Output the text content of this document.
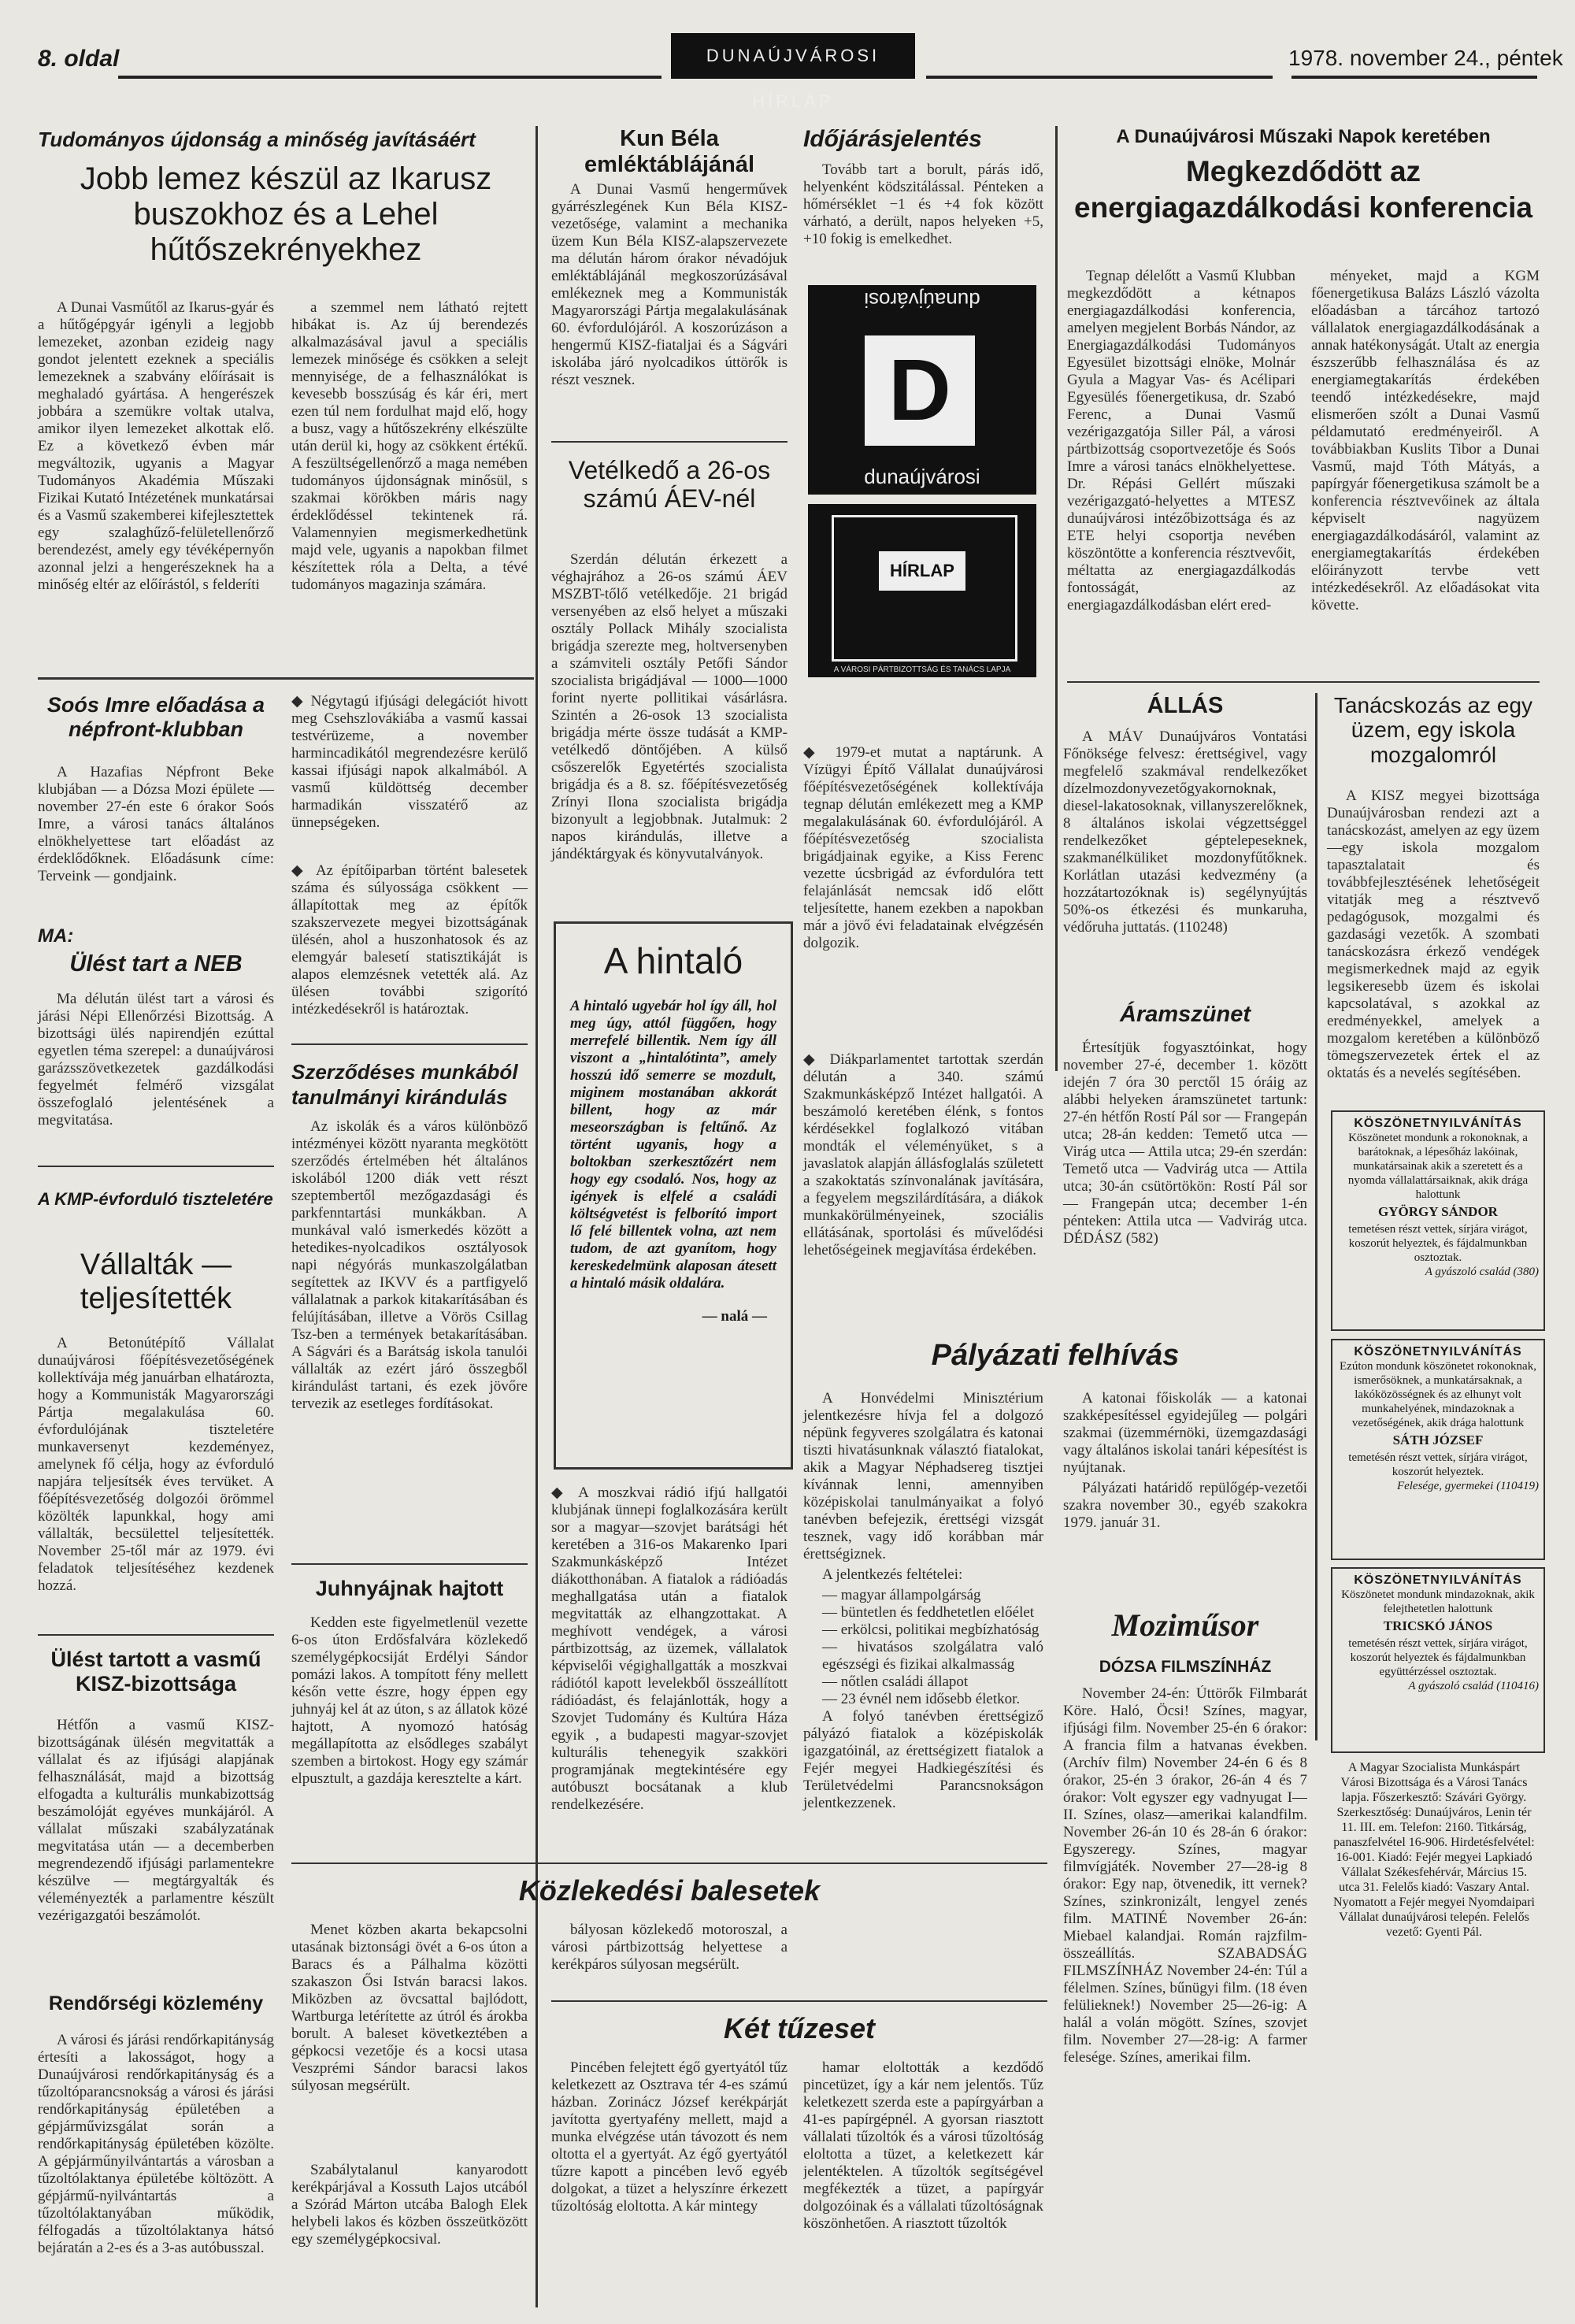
8. oldal	DUNAÚJVÁROSI HÍRLAP
1978. november 24., péntek
Tudományos újdonság a minőség javításáért
Jobb lemez készül az Ikarusz buszokhoz és a Lehel hűtőszekrényekhez

A Dunai Vasműtől az Ikarus-gyár és a hűtőgépgyár igényli a legjobb lemezeket, azonban ezideig nagy gondot jelentett ezeknek a speciális lemezeknek a szabvány előírásait is meghaladó gyártása. A hengerészek jobbára a szemükre voltak utalva, amikor ilyen lemezeket alkottak elő. Ez a következő évben már megváltozik, ugyanis a Magyar Tudományos Akadémia Műszaki Fizikai Kutató Intézetének munkatársai és a Vasmű szakemberei kifejlesztettek egy szalaghűző-felületellenőrző berendezést, amely egy tévéképernyőn azonnal jelzi a hengerészeknek ha a minőség eltér az előírástól, s felderíti

a szemmel nem látható rejtett hibákat is. Az új berendezés alkalmazásával javul a speciális lemezek minősége és csökken a selejt mennyisége, de a felhasználókat is kevesebb bosszúság és kár éri, mert ezen túl nem fordulhat majd elő, hogy a busz, vagy a hűtőszekrény elkészülte után derül ki, hogy az csökkent értékű. A feszültségellenőrző a maga nemében tudományos újdonságnak minősül, s szakmai körökben máris nagy érdeklődéssel tekintenek rá. Valamennyien megismerkedhetünk majd vele, ugyanis a napokban filmet készítettek róla a Delta, a tévé tudományos magazinja számára.

Soós Imre előadása a népfront-klubban

A Hazafias Népfront Beke klubjában — a Dózsa Mozi épülete — november 27-én este 6 órakor Soós Imre, a városi tanács általános elnökhelyettese tart előadást az érdeklődőknek. Előadásunk címe: Terveink — gondjaink.

MA:
Ülést tart a NEB

Ma délután ülést tart a városi és járási Népi Ellenőrzési Bizottság. A bizottsági ülés napirendjén ezúttal egyetlen téma szerepel: a dunaújvárosi garázsszövetkezetek gazdálkodási fegyelmét felmérő vizsgálat összefoglaló jelentésének a megvitatása.

A KMP-évforduló tiszteletére
Vállalták — teljesítették

A Betonútépítő Vállalat dunaújvárosi főépítésvezetőségének kollektívája még januárban elhatározta, hogy a Kommunisták Magyarországi Pártja megalakulása 60. évfordulójának tiszteletére munkaversenyt kezdeményez, amelynek fő célja, hogy az évforduló napjára teljesítsék éves tervüket. A főépítésvezetőség dolgozói örömmel közölték lapunkkal, hogy ami vállalták, becsülettel teljesítették. November 25-től már az 1979. évi feladatok teljesítéséhez kezdenek hozzá.

Ülést tartott a vasmű KISZ-bizottsága

Hétfőn a vasmű KISZ-bizottságának ülésén megvitatták a vállalat és az ifjúsági alapjának felhasználását, majd a bizottság elfogadta a kulturális munkabizottság beszámolóját egyéves munkájáról. A vállalat műszaki szabályzatának megvitatása után — a decemberben megrendezendő ifjúsági parlamentekre készülve — megtárgyalták és véleményezték a parlamentre készült vezérigazgatói beszámolót.

Rendőrségi közlemény

A városi és járási rendőrkapitányság értesíti a lakosságot, hogy a Dunaújvárosi rendőrkapitányság és a tűzoltóparancsnokság a városi és járási rendőrkapitányság épületében a gépjárművizsgálat során a rendőrkapitányság épületében közölte. A gépjárműnyilvántartás a városban a tűzoltólaktanya épületébe költözött. A gépjármű-nyilvántartás a tűzoltólaktanyában működik, félfogadás a tűzoltólaktanya hátsó bejáratán a 2-es és a 3-as autóbusszal.

◆ Négytagú ifjúsági delegációt hivott meg Csehszlovákiába a vasmű kassai testvérüzeme, a november harmincadikától megrendezésre kerülő kassai ifjúsági napok alkalmából. A vasmű küldöttség december harmadikán visszatérő az ünnepségeken.

◆ Az építőiparban történt balesetek száma és súlyossága csökkent — állapítottak meg az építők szakszervezete megyei bizottságának ülésén, ahol a huszonhatosok és az elemgyár balesetí statisztikáját is alapos elemzésnek vetették alá. Az ülésen további szigorító intézkedésekről is határoztak.

Szerződéses munkából tanulmányi kirándulás

Az iskolák és a város különböző intézményei között nyaranta megkötött szerződés értelmében hét általános iskolából 1200 diák vett részt szeptembertől mezőgazdasági és parkfenntartási munkákban. A munkával való ismerkedés között a hetedikes-nyolcadikos osztályosok napi négyórás munkaszolgálatban segítettek az IKVV és a partfigyelő vállalatnak a parkok kitakarításában és felújításában, illetve a Vörös Csillag Tsz-ben a termények betakarításában. A Ságvári és a Barátság iskola tanulói vállalták az ezért járó összegből kirándulást tartani, és ezek jövőre tervezik az esetleges fordításokat.

Juhnyájnak hajtott

Kedden este figyelmetlenül vezette 6-os úton Erdősfalvára közlekedő személygépkocsiját Erdélyi Sándor pomázi lakos. A tompított fény mellett későn vette észre, hogy éppen egy juhnyáj kel át az úton, s az állatok közé hajtott, A nyomozó hatóság megállapította az elsődleges szabályt szemben a birtokost. Hogy egy számár elpusztult, a gazdája keresztelte a kárt.

Kun Béla emléktáblájánál

A Dunai Vasmű hengerművek gyárrészlegének Kun Béla KISZ-vezetősége, valamint a mechanika üzem Kun Béla KISZ-alapszervezete ma délután három órakor névadójuk emléktáblájánál megkoszorúzásával emlékeznek meg a Kommunisták Magyarországi Pártja megalakulásának 60. évfordulójáról. A koszorúzáson a hengermű KISZ-fiataljai és a Ságvári iskolába járó nyolcadikos úttörők is részt vesznek.

Vetélkedő a 26-os számú ÁEV-nél

Szerdán délután érkezett a véghajrához a 26-os számú ÁEV MSZBT-tőlő vetélkedője. 21 brigád versenyében az első helyet a műszaki osztály Pollack Mihály szocialista brigádja szerezte meg, holtversenyben a számviteli osztály Petőfi Sándor szocialista brigádjával — 1000—1000 forint nyerte pollitikai vásárlásra. Szintén a 26-osok 13 szocialista brigádja mérte össze tudását a KMP-vetélkedő döntőjében. A külső csőszerelők Egyetértés szocialista brigádja és a 8. sz. főépítésvezetőség Zrínyi Ilona szocialista brigádja bizonyult a legjobbnak. Jutalmuk: 2 napos kirándulás, illetve a jándéktárgyak és könyvutalványok.

A hintaló
A hintaló ugyebár hol így áll, hol meg úgy, attól függően, hogy merrefelé billentik. Nem így áll viszont a „hintalótinta”, amely hosszú idő semerre se mozdult, miginem mostanában akkorát billent, hogy az már meseországban is feltűnő. Az történt ugyanis, hogy a boltokban szerkesztőzért nem hogy egy csodaló. Nos, hogy az igények is elfelé a családi költségvetést is felborító import lő felé billentek volna, azt nem tudom, de azt gyanítom, hogy kereskedelmünk alaposan átesett a hintaló másik oldalára.
— nalá —

◆ A moszkvai rádió ifjú hallgatói klubjának ünnepi foglalkozására került sor a magyar—szovjet barátsági hét keretében a 316-os Makarenko Ipari Szakmunkásképző Intézet diákotthonában. A fiatalok a rádióadás meghallgatása után a fiatalok megvitatták az elhangzottakat. A meghívott vendégek, a városi pártbizottság, az üzemek, vállalatok képviselői végighallgatták a moszkvai rádiótól kapott levelekből összeállított rádióadást, és felajánlották, hogy a Szovjet Tudomány és Kultúra Háza egyik , a budapesti magyar-szovjet kulturális tehenegyik szakköri programjának megtekintésére egy autóbuszt bocsátanak a klub rendelkezésére.

Időjárásjelentés

Tovább tart a borult, párás idő, helyenként ködszitálással. Pénteken a hőmérséklet −1 és +4 fok között várható, a derült, napos helyeken +5, +10 fokig is emelkedhet.

dunaújvárosi
D
dunaújvárosi
HÍRLAP
A VÁROSI PÁRTBIZOTTSÁG ÉS TANÁCS LAPJA

◆ 1979-et mutat a naptárunk. A Vízügyi Építő Vállalat dunaújvárosi főépítésvezetőségének kollektívája tegnap délután emlékezett meg a KMP megalakulásának 60. évfordulójáról. A főépítésvezetőség szocialista brigádjainak egyike, a Kiss Ferenc vezette úcsbrigád az évfordulóra tett felajánlását nemcsak idő előtt teljesítette, hanem ezekben a napokban már a jövő évi feladatainak elvégzésén dolgozik.

◆ Diákparlamentet tartottak szerdán délután a 340. számú Szakmunkásképző Intézet hallgatói. A beszámoló keretében élénk, s fontos kérdésekkel foglalkozó vitában mondták el véleményüket, s a javaslatok alapján állásfoglalás született a szakoktatás színvonalának javítására, a fegyelem megszilárdítására, a diákok munkakörülményeinek, szociális ellátásának, sportolási és művelődési lehetőségeinek megjavítása érdekében.

A Dunaújvárosi Műszaki Napok keretében
Megkezdődött az energiagazdálkodási konferencia

Tegnap délelőtt a Vasmű Klubban megkezdődött a kétnapos energiagazdálkodási konferencia, amelyen megjelent Borbás Nándor, az Energiagazdálkodási Tudományos Egyesület bizottsági elnöke, Molnár Gyula a Magyar Vas- és Acélipari Egyesülés főenergetikusa, dr. Szabó Ferenc, a Dunai Vasmű vezérigazgatója Siller Pál, a városi pártbizottság csoportvezetője és Soós Imre a városi tanács elnökhelyettese. Dr. Répási Gellért műszaki vezérigazgató-helyettes a MTESZ dunaújvárosi intézőbizottsága és az ETE helyi csoportja nevében köszöntötte a konferencia résztvevőit, méltatta az energiagazdálkodás fontosságát, az energiagazdálkodásban elért ered-

ményeket, majd a KGM főenergetikusa Balázs László vázolta előadásban a tárcához tartozó vállalatok energiagazdálkodásának a annak hatékonyságát. Utalt az energia észszerűbb felhasználása és az energiamegtakarítás érdekében teendő intézkedésekre, majd elismerően szólt a Dunai Vasmű példamutató eredményeiről. A továbbiakban Kuslits Tibor a Dunai Vasmű, majd Tóth Mátyás, a papírgyár főenergetikusa számolt be a konferencia résztvevőinek az általa képviselt nagyüzem energiagazdálkodásáról, valamint az energiamegtakarítás érdekében előirányzott tervbe vett intézkedésekről. Az előadásokat vita követte.

ÁLLÁS

A MÁV Dunaújváros Vontatási Főnöksége felvesz: érettségivel, vagy megfelelő szakmával rendelkezőket dízelmozdonyvezetőgyakornoknak, diesel-lakatosoknak, villanyszerelőknek, 8 általános iskolai végzettséggel rendelkezőket géptelepeseknek, szakmanélküliket mozdonyfűtőknek. Korlátlan utazási kedvezmény (a hozzátartozóknak is) segélynyújtás 50%-os étkezési és munkaruha, védőruha juttatás. (110248)

Áramszünet

Értesítjük fogyasztóinkat, hogy november 27-é, december 1. között idején 7 óra 30 perctől 15 óráig az alábbi helyeken áramszünetet tartunk: 27-én hétfőn Rostí Pál sor — Frangepán utca; 28-án kedden: Temető utca — Virág utca — Attila utca; 29-én szerdán: Temető utca — Vadvirág utca — Attila utca; 30-án csütörtökön: Rostí Pál sor — Frangepán utca; december 1-én pénteken: Attila utca — Vadvirág utca. DÉDÁSZ (582)

Tanácskozás az egy üzem, egy iskola mozgalomról

A KISZ megyei bizottsága Dunaújvárosban rendezi azt a tanácskozást, amelyen az egy üzem—egy iskola mozgalom tapasztalatait és továbbfejlesztésének lehetőségeit vitatják meg a résztvevő pedagógusok, mozgalmi és gazdasági vezetők. A szombati tanácskozásra érkező vendégek megismerkednek majd az egyik legsikeresebb üzem és iskolai kapcsolatával, s azokkal az eredményekkel, amelyek a mozgalom keretében a különböző tömegszervezetek értek el az oktatás és a nevelés segítésében.

KÖSZÖNETNYILVÁNÍTÁS
Köszönetet mondunk a rokonoknak, a barátoknak, a lépesőház lakóinak, munkatársainak akik a szeretett és a nyomda vállalattársaiknak, akik drága halottunk
GYÖRGY SÁNDOR
temetésen részt vettek, sírjára virágot, koszorút helyeztek, és fájdalmunkban osztoztak.
A gyászoló család (380)
KÖSZÖNETNYILVÁNÍTÁS
Ezúton mondunk köszönetet rokonoknak, ismerősöknek, a munkatársaknak, a lakóközösségnek és az elhunyt volt munkahelyének, mindazoknak a vezetőségének, akik drága halottunk
SÁTH JÓZSEF
temetésén részt vettek, sírjára virágot, koszorút helyeztek.
Felesége, gyermekei (110419)
KÖSZÖNETNYILVÁNÍTÁS
Köszönetet mondunk mindazoknak, akik felejthetetlen halottunk
TRICSKÓ JÁNOS
temetésén részt vettek, sírjára virágot, koszorút helyeztek és fájdalmunkban együttérzéssel osztoztak.
A gyászoló család (110416)
A Magyar Szocialista Munkáspárt Városi Bizottsága és a Városi Tanács lapja. Főszerkesztő: Szávári György. Szerkesztőség: Dunaújváros, Lenin tér 11. III. em. Telefon: 2160. Titkárság, panaszfelvétel 16-906. Hirdetésfelvétel: 16-001. Kiadó: Fejér megyei Lapkiadó Vállalat Székesfehérvár, Március 15. utca 31. Felelős kiadó: Vaszary Antal. Nyomatott a Fejér megyei Nyomdaipari Vállalat dunaújvárosi telepén. Felelős vezető: Gyenti Pál.
Pályázati felhívás

A Honvédelmi Minisztérium jelentkezésre hívja fel a dolgozó népünk fegyveres szolgálatra és katonai tiszti hivatásunknak választó fiatalokat, akik a Magyar Néphadsereg tisztjei kívánnak lenni, amennyiben középiskolai tanulmányaikat a folyó tanévben befejezik, érettségi vizsgát tesznek, vagy idő korábban már érettségiznek.

A jelentkezés feltételei:

— magyar állampolgárság
— büntetlen és feddhetetlen előélet
— erkölcsi, politikai megbízhatóság
— hivatásos szolgálatra való egészségi és fizikai alkalmasság
— nőtlen családi állapot
— 23 évnél nem idősebb életkor.

A folyó tanévben érettségiző pályázó fiatalok a középiskolák igazgatóinál, az érettségizett fiatalok a Fejér megyei Hadkiegészítési és Területvédelmi Parancsnokságon jelentkezzenek.

A katonai főiskolák — a katonai szakképesítéssel egyidejűleg — polgári szakmai (üzemmérnöki, üzemgazdasági vagy általános iskolai tanári képesítést is nyújtanak.

Pályázati határidő repülőgép-vezetői szakra november 30., egyéb szakokra 1979. január 31.

Moziműsor
DÓZSA FILMSZÍNHÁZ

November 24-én: Úttörők Filmbarát Köre. Haló, Öcsi! Színes, magyar, ifjúsági film. November 25-én 6 órakor: A francia film a hatvanas években. (Archív film) November 24-én 6 és 8 órakor, 25-én 3 órakor, 26-án 4 és 7 órakor: Volt egyszer egy vadnyugat I—II. Színes, olasz—amerikai kalandfilm. November 26-án 10 és 28-án 6 órakor: Egyszeregy. Színes, magyar filmvígjáték. November 27—28-ig 8 órakor: Egy nap, ötvenedik, itt vernek? Színes, szinkronizált, lengyel zenés film. MATINÉ November 26-án: Miebael kalandjai. Román rajzfilm-összeállítás. SZABADSÁG FILMSZÍNHÁZ November 24-én: Túl a félelmen. Színes, bűnügyi film. (18 éven felülieknek!) November 25—26-ig: A halál a volán mögött. Színes, szovjet film. November 27—28-ig: A farmer felesége. Színes, amerikai film.

Közlekedési balesetek

Menet közben akarta bekapcsolni utasának biztonsági övét a 6-os úton a Baracs és a Pálhalma közötti szakaszon Ősi István baracsi lakos. Miközben az övcsattal bajlódott, Wartburga letérítette az útról és árokba borult. A baleset következtében a gépkocsi vezetője és a kocsi utasa Veszprémi Sándor baracsi lakos súlyosan megsérült.

bályosan közlekedő motoroszal, a városi pártbizottság helyettese a kerékpáros súlyosan megsérült.

Szabálytalanul kanyarodott kerékpárjával a Kossuth Lajos utcából a Szórád Márton utcába Balogh Elek helybeli lakos és közben összeütközött egy személygépkocsival.

Két tűzeset

Pincében felejtett égő gyertyától tűz keletkezett az Osztrava tér 4-es számú házban. Zorinácz József kerékpárját javította gyertyafény mellett, majd a munka elvégzése után távozott és nem oltotta el a gyertyát. Az égő gyertyától tűzre kapott a pincében levő egyéb dolgokat, a tüzet a helyszínre érkezett tűzoltóság eloltotta. A kár mintegy

hamar eloltották a kezdődő pincetüzet, így a kár nem jelentős. Tűz keletkezett szerda este a papírgyárban a 41-es papírgépnél. A gyorsan riasztott vállalati tűzoltók és a városi tűzoltóság eloltotta a tüzet, a keletkezett kár jelentéktelen. A tűzoltók segítségével megfékezték a tüzet, a papírgyár dolgozóinak és a vállalati tűzoltóságnak köszönhetően. A riasztott tűzoltók
